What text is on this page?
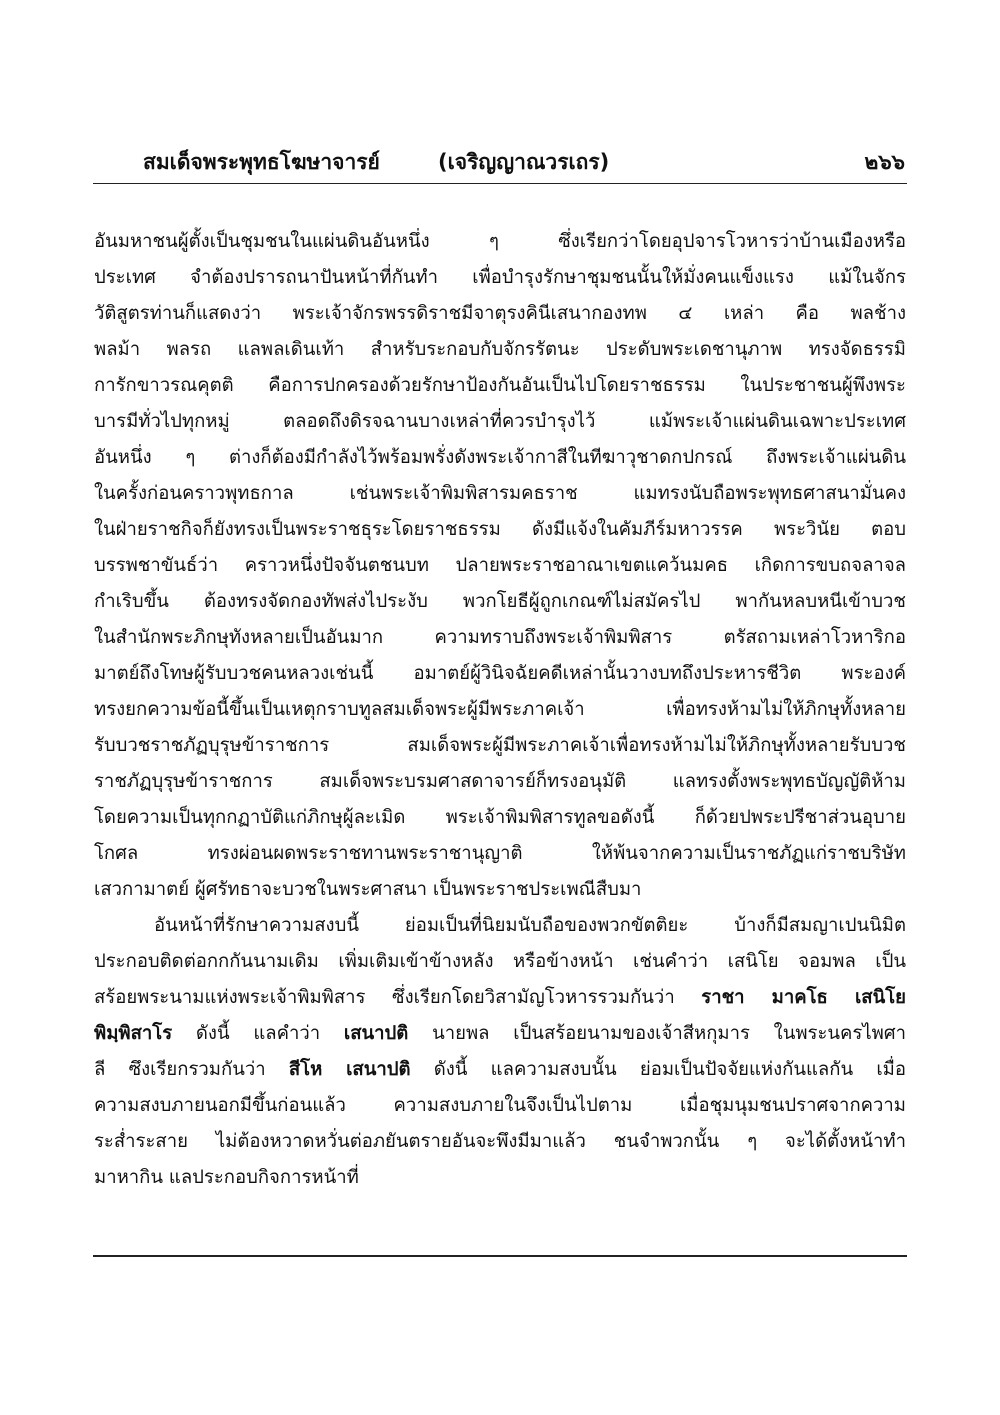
สมเด็จพระพุทธโฆษาจารย์	(เจริญญาณวรเถร)	๒๖๖
อันมหาชนผู้ตั้งเป็นชุมชนในแผ่นดินอันหนึ่ง ๆ ซึ่งเรียกว่าโดยอุปจารโวหารว่าบ้านเมืองหรือ
ประเทศ จำต้องปรารถนาปันหน้าที่กันทำ เพื่อบำรุงรักษาชุมชนนั้นให้มั่งคนแข็งแรง แม้ในจักร
วัติสูตรท่านก็แสดงว่า พระเจ้าจักรพรรดิราชมีจาตุรงคินีเสนากองทพ ๔ เหล่า คือ พลช้าง
พลม้า พลรถ แลพลเดินเท้า สำหรับระกอบกับจักรรัตนะ ประดับพระเดชานุภาพ ทรงจัดธรรมิ
การักขาวรณคุตติ คือการปกครองด้วยรักษาป้องกันอันเป็นไปโดยราชธรรม ในประชาชนผู้พึงพระ
บารมีทั่วไปทุกหมู่ ตลอดถึงดิรจฉานบางเหล่าที่ควรบำรุงไว้ แม้พระเจ้าแผ่นดินเฉพาะประเทศ
อันหนึ่ง ๆ ต่างก็ต้องมีกำลังไว้พร้อมพรั่งดังพระเจ้ากาสีในทีฆาวุชาดกปกรณ์ ถึงพระเจ้าแผ่นดิน
ในครั้งก่อนคราวพุทธกาล เช่นพระเจ้าพิมพิสารมคธราช แมทรงนับถือพระพุทธศาสนามั่นคง
ในฝ่ายราชกิจก็ยังทรงเป็นพระราชธุระโดยราชธรรม ดังมีแจ้งในคัมภีร์มหาวรรค พระวินัย ตอบ
บรรพชาขันธ์ว่า คราวหนึ่งปัจจันตชนบท ปลายพระราชอาณาเขตแคว้นมคธ เกิดการขบถจลาจล
กำเริบขึ้น ต้องทรงจัดกองทัพส่งไประงับ พวกโยธีผู้ถูกเกณฑ์ไม่สมัครไป พากันหลบหนีเข้าบวช
ในสำนักพระภิกษุทังหลายเป็นอันมาก ความทราบถึงพระเจ้าพิมพิสาร ตรัสถามเหล่าโวหาริกอ
มาตย์ถึงโทษผู้รับบวชคนหลวงเช่นนี้ อมาตย์ผู้วินิจฉัยคดีเหล่านั้นวางบทถึงประหารชีวิต พระองค์
ทรงยกความข้อนี้ขึ้นเป็นเหตุกราบทูลสมเด็จพระผู้มีพระภาคเจ้า เพื่อทรงห้ามไม่ให้ภิกษุทั้งหลาย
รับบวชราชภัฏบุรุษข้าราชการ สมเด็จพระผู้มีพระภาคเจ้าเพื่อทรงห้ามไม่ให้ภิกษุทั้งหลายรับบวช
ราชภัฏบุรุษข้าราชการ สมเด็จพระบรมศาสดาจารย์ก็ทรงอนุมัติ แลทรงตั้งพระพุทธบัญญัติห้าม
โดยความเป็นทุกกฏาบัติแก่ภิกษุผู้ละเมิด พระเจ้าพิมพิสารทูลขอดังนี้ ก็ด้วยปพระปรีชาส่วนอุบาย
โกศล ทรงผ่อนผดพระราชทานพระราชานุญาติ ให้พ้นจากความเป็นราชภัฏแก่ราชบริษัท
เสวกามาตย์ ผู้ศรัทธาจะบวชในพระศาสนา เป็นพระราชประเพณีสืบมา
อันหน้าที่รักษาความสงบนี้ ย่อมเป็นที่นิยมนับถือของพวกขัตติยะ บ้างก็มีสมญาเปนนิมิต
ประกอบติดต่อกกกันนามเดิม เพิ่มเติมเข้าข้างหลัง หรือข้างหน้า เช่นคำว่า เสนิโย จอมพล เป็น
สร้อยพระนามแห่งพระเจ้าพิมพิสาร ซึ่งเรียกโดยวิสามัญโวหารรวมกันว่า ราชา มาคโธ เสนิโย
พิมฺพิสาโร ดังนี้ แลคำว่า เสนาปติ นายพล เป็นสร้อยนามของเจ้าสีหกุมาร ในพระนครไพศา
ลี ซึงเรียกรวมกันว่า สีโห เสนาปติ ดังนี้ แลความสงบนั้น ย่อมเป็นปัจจัยแห่งกันแลกัน เมื่อ
ความสงบภายนอกมีขึ้นก่อนแล้ว ความสงบภายในจึงเป็นไปตาม เมื่อชุมนุมชนปราศจากความ
ระส่ำระสาย ไม่ต้องหวาดหวั่นต่อภยันตรายอันจะพึงมีมาแล้ว ชนจำพวกนั้น ๆ จะได้ตั้งหน้าทำ
มาหากิน แลประกอบกิจการหน้าที่
